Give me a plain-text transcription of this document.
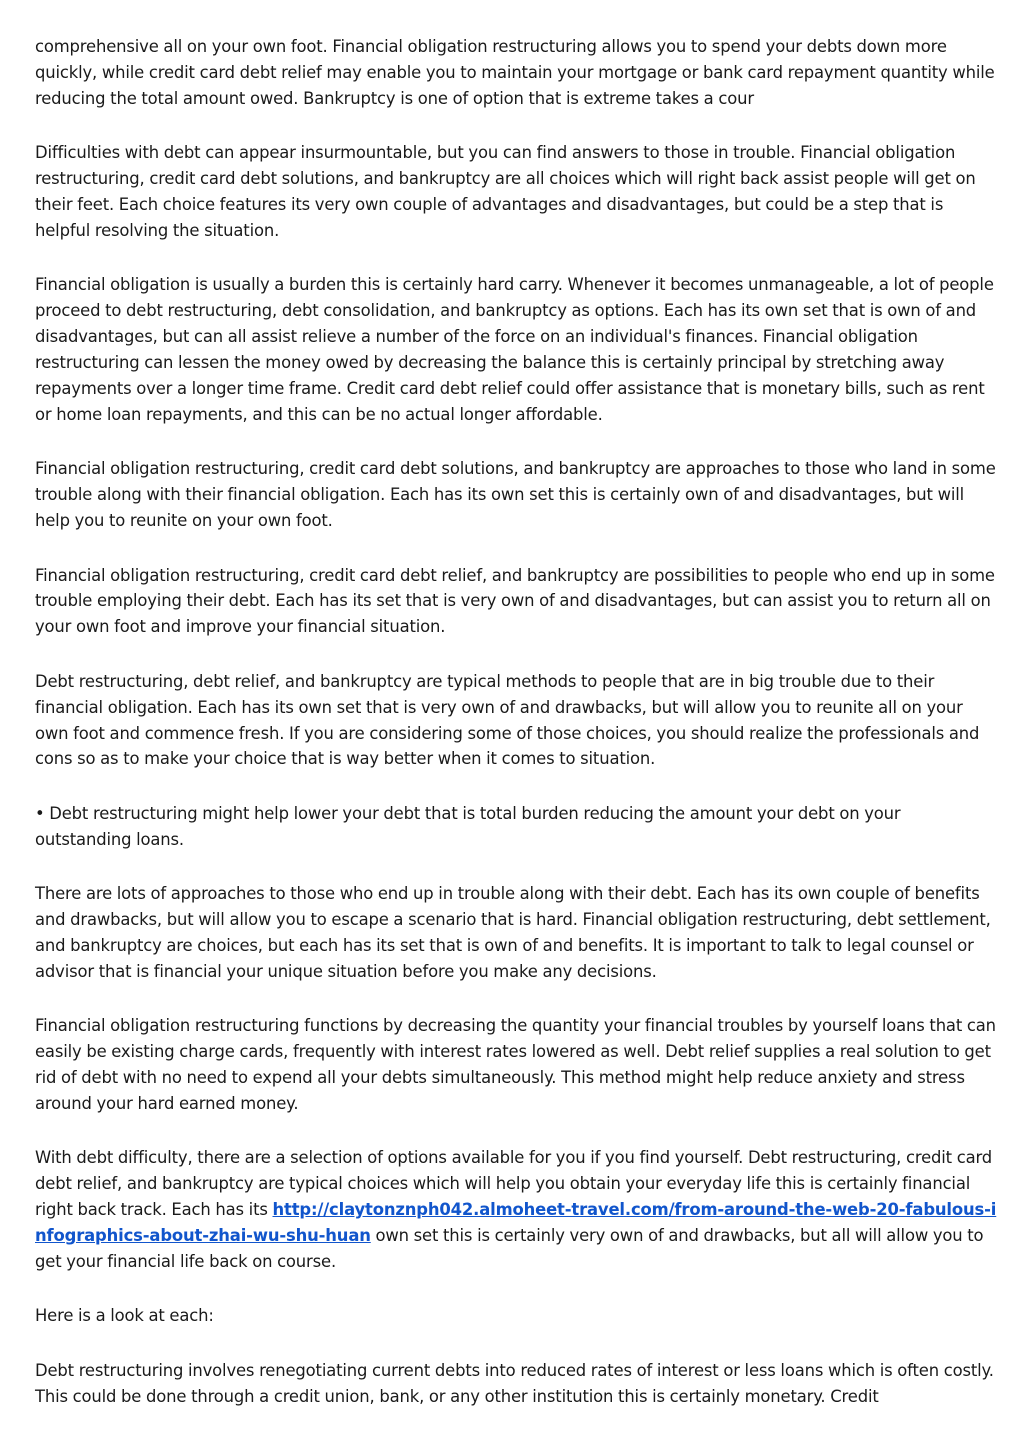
comprehensive all on your own foot. Financial obligation restructuring allows you to spend your debts down more quickly, while credit card debt relief may enable you to maintain your mortgage or bank card repayment quantity while reducing the total amount owed. Bankruptcy is one of option that is extreme takes a cour

Difficulties with debt can appear insurmountable, but you can find answers to those in trouble. Financial obligation restructuring, credit card debt solutions, and bankruptcy are all choices which will right back assist people will get on their feet. Each choice features its very own couple of advantages and disadvantages, but could be a step that is helpful resolving the situation.

Financial obligation is usually a burden this is certainly hard carry. Whenever it becomes unmanageable, a lot of people proceed to debt restructuring, debt consolidation, and bankruptcy as options. Each has its own set that is own of and disadvantages, but can all assist relieve a number of the force on an individual's finances. Financial obligation restructuring can lessen the money owed by decreasing the balance this is certainly principal by stretching away repayments over a longer time frame. Credit card debt relief could offer assistance that is monetary bills, such as rent or home loan repayments, and this can be no actual longer affordable.

Financial obligation restructuring, credit card debt solutions, and bankruptcy are approaches to those who land in some trouble along with their financial obligation. Each has its own set this is certainly own of and disadvantages, but will help you to reunite on your own foot.

Financial obligation restructuring, credit card debt relief, and bankruptcy are possibilities to people who end up in some trouble employing their debt. Each has its set that is very own of and disadvantages, but can assist you to return all on your own foot and improve your financial situation.

Debt restructuring, debt relief, and bankruptcy are typical methods to people that are in big trouble due to their financial obligation. Each has its own set that is very own of and drawbacks, but will allow you to reunite all on your own foot and commence fresh. If you are considering some of those choices, you should realize the professionals and cons so as to make your choice that is way better when it comes to situation.

• Debt restructuring might help lower your debt that is total burden reducing the amount your debt on your outstanding loans.

There are lots of approaches to those who end up in trouble along with their debt. Each has its own couple of benefits and drawbacks, but will allow you to escape a scenario that is hard. Financial obligation restructuring, debt settlement, and bankruptcy are choices, but each has its set that is own of and benefits. It is important to talk to legal counsel or advisor that is financial your unique situation before you make any decisions.

Financial obligation restructuring functions by decreasing the quantity your financial troubles by yourself loans that can easily be existing charge cards, frequently with interest rates lowered as well. Debt relief supplies a real solution to get rid of debt with no need to expend all your debts simultaneously. This method might help reduce anxiety and stress around your hard earned money.

With debt difficulty, there are a selection of options available for you if you find yourself. Debt restructuring, credit card debt relief, and bankruptcy are typical choices which will help you obtain your everyday life this is certainly financial right back track. Each has its http://claytonznph042.almoheet-travel.com/from-around-the-web-20-fabulous-infographics-about-zhai-wu-shu-huan own set this is certainly very own of and drawbacks, but all will allow you to get your financial life back on course.

Here is a look at each:

Debt restructuring involves renegotiating current debts into reduced rates of interest or less loans which is often costly. This could be done through a credit union, bank, or any other institution this is certainly monetary. Credit
